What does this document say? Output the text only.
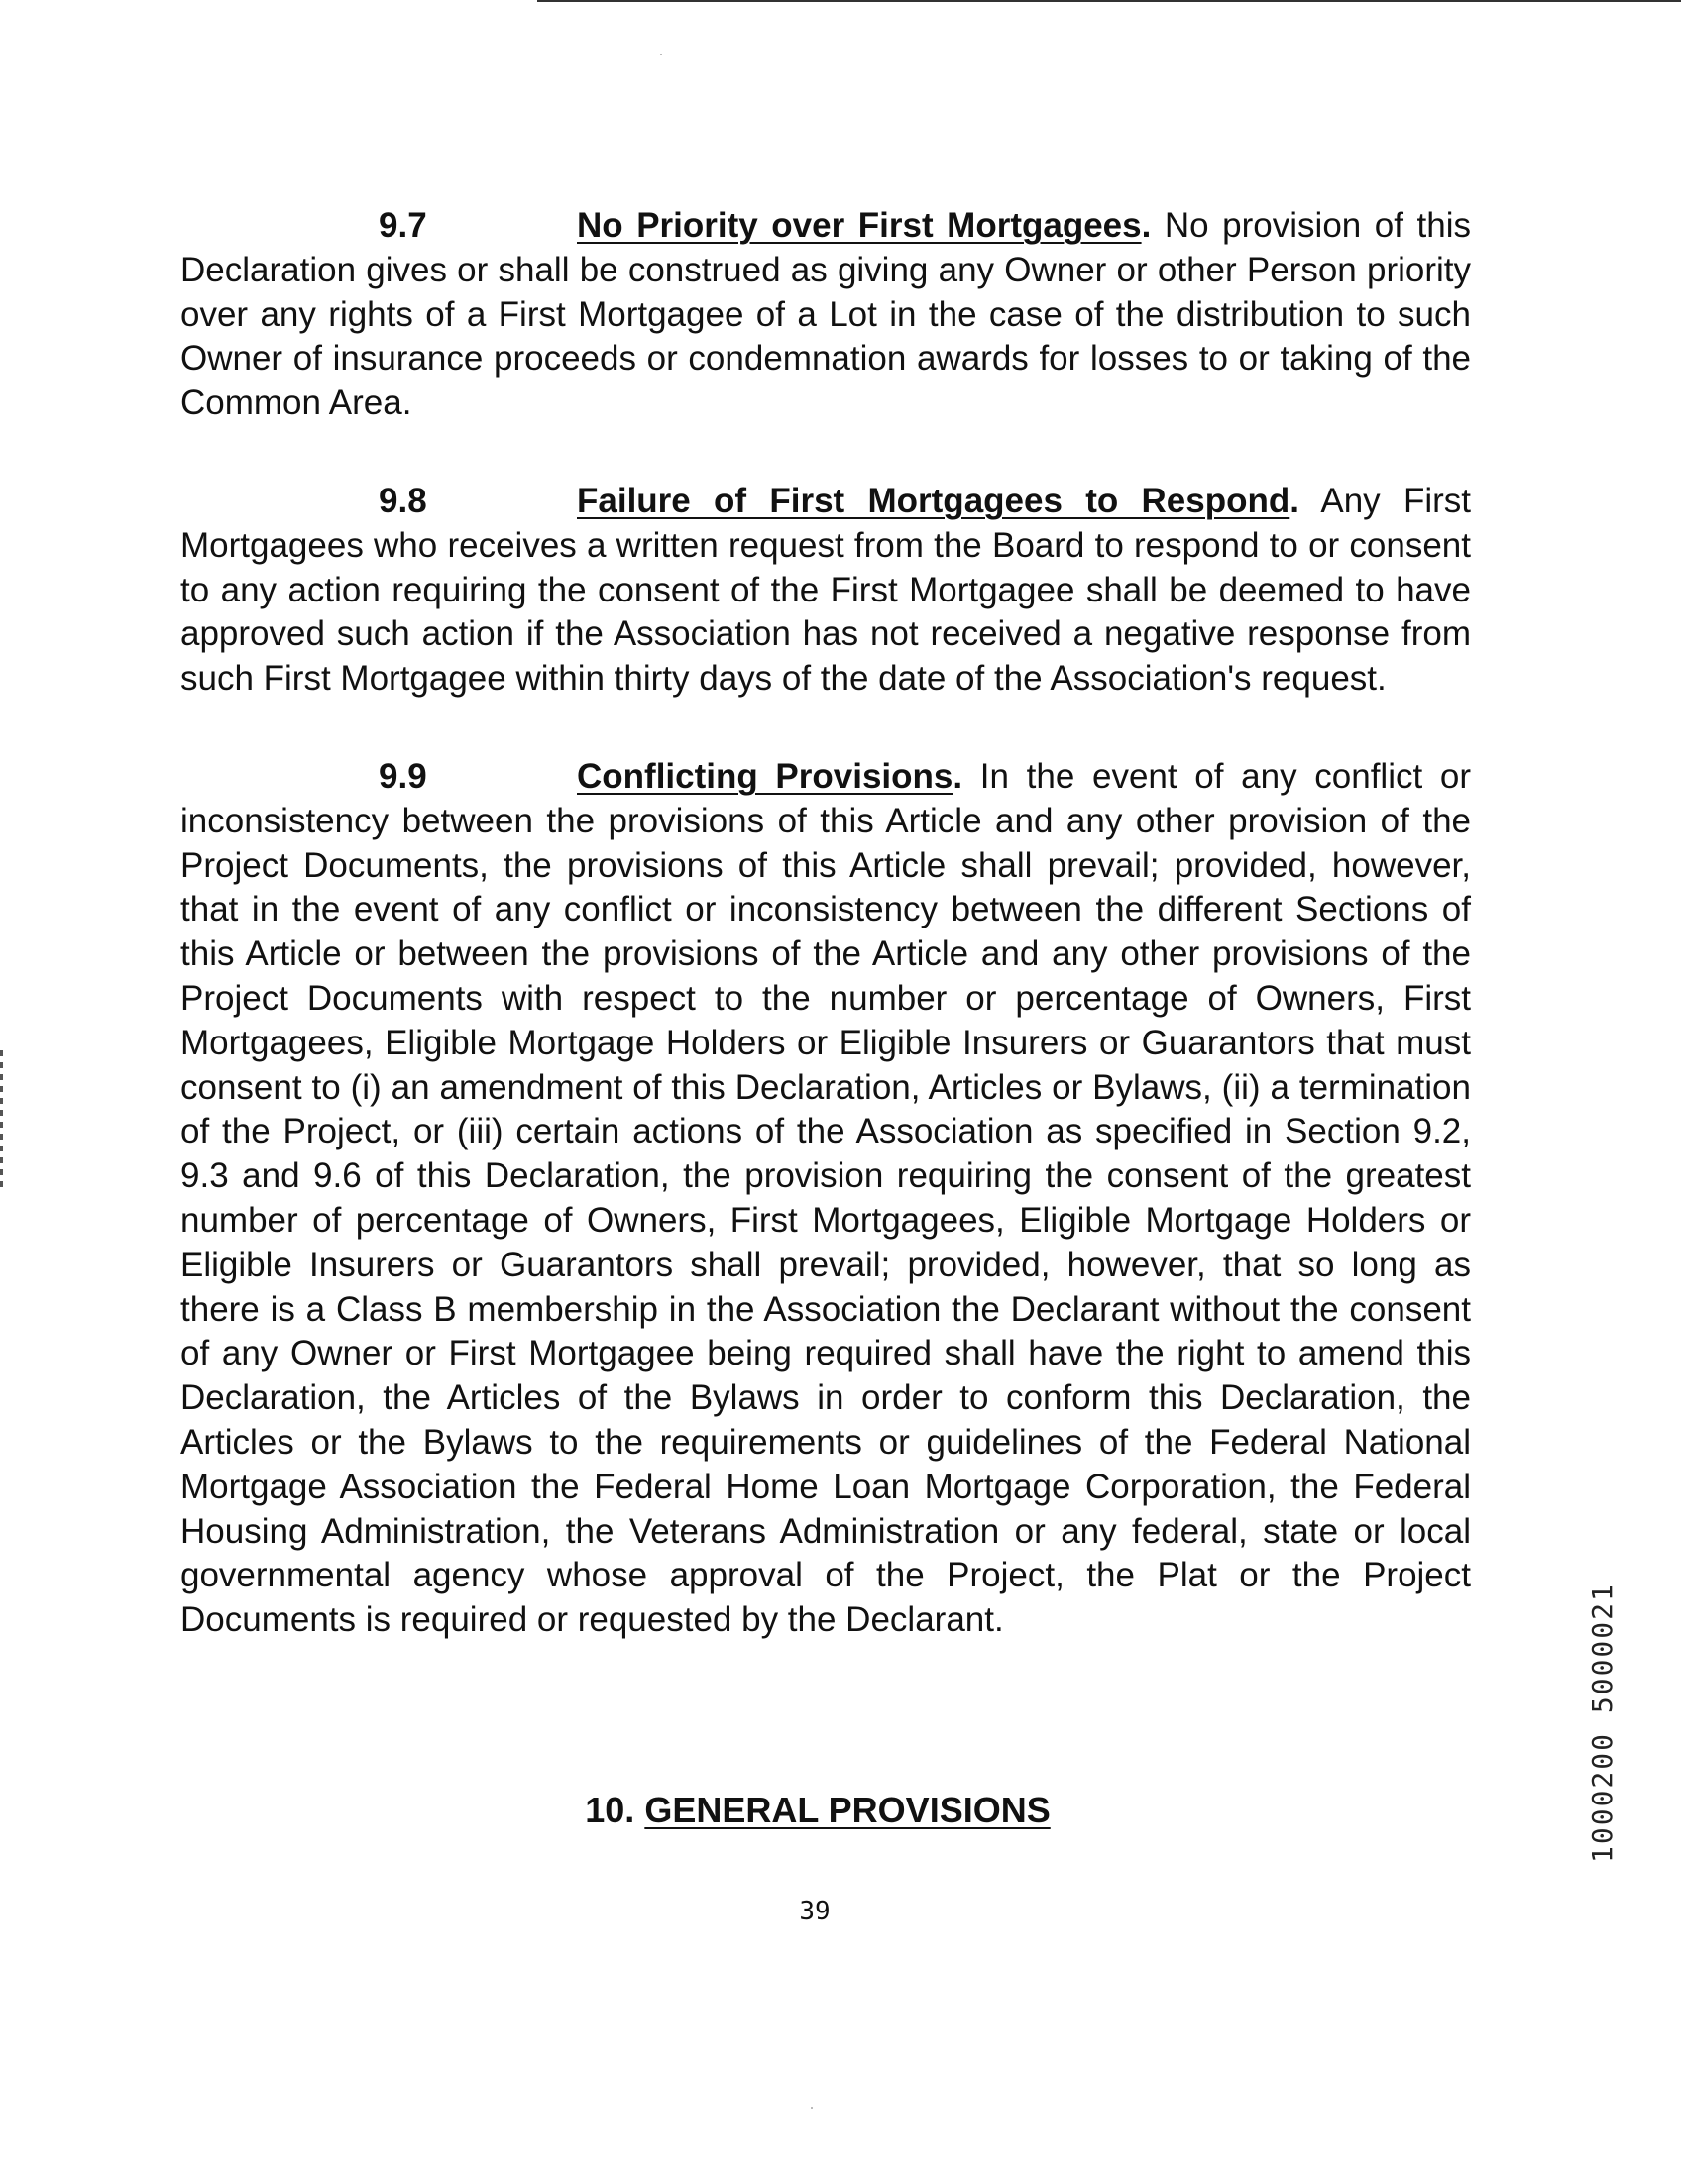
9.7	No Priority over First Mortgagees. No provision of this Declaration gives or shall be construed as giving any Owner or other Person priority over any rights of a First Mortgagee of a Lot in the case of the distribution to such Owner of insurance proceeds or condemnation awards for losses to or taking of the Common Area.

9.8	Failure of First Mortgagees to Respond. Any First Mortgagees who receives a written request from the Board to respond to or consent to any action requiring the consent of the First Mortgagee shall be deemed to have approved such action if the Association has not received a negative response from such First Mortgagee within thirty days of the date of the Association's request.

9.9	Conflicting Provisions. In the event of any conflict or inconsistency between the provisions of this Article and any other provision of the Project Documents, the provisions of this Article shall prevail; provided, however, that in the event of any conflict or inconsistency between the different Sections of this Article or between the provisions of the Article and any other provisions of the Project Documents with respect to the number or percentage of Owners, First Mortgagees, Eligible Mortgage Holders or Eligible Insurers or Guarantors that must consent to (i) an amendment of this Declaration, Articles or Bylaws, (ii) a termination of the Project, or (iii) certain actions of the Association as specified in Section 9.2, 9.3 and 9.6 of this Declaration, the provision requiring the consent of the greatest number of percentage of Owners, First Mortgagees, Eligible Mortgage Holders or Eligible Insurers or Guarantors shall prevail; provided, however, that so long as there is a Class B membership in the Association the Declarant without the consent of any Owner or First Mortgagee being required shall have the right to amend this Declaration, the Articles of the Bylaws in order to conform this Declaration, the Articles or the Bylaws to the requirements or guidelines of the Federal National Mortgage Association the Federal Home Loan Mortgage Corporation, the Federal Housing Administration, the Veterans Administration or any federal, state or local governmental agency whose approval of the Project, the Plat or the Project Documents is required or requested by the Declarant.

10. GENERAL PROVISIONS

39

1000200 5000021
